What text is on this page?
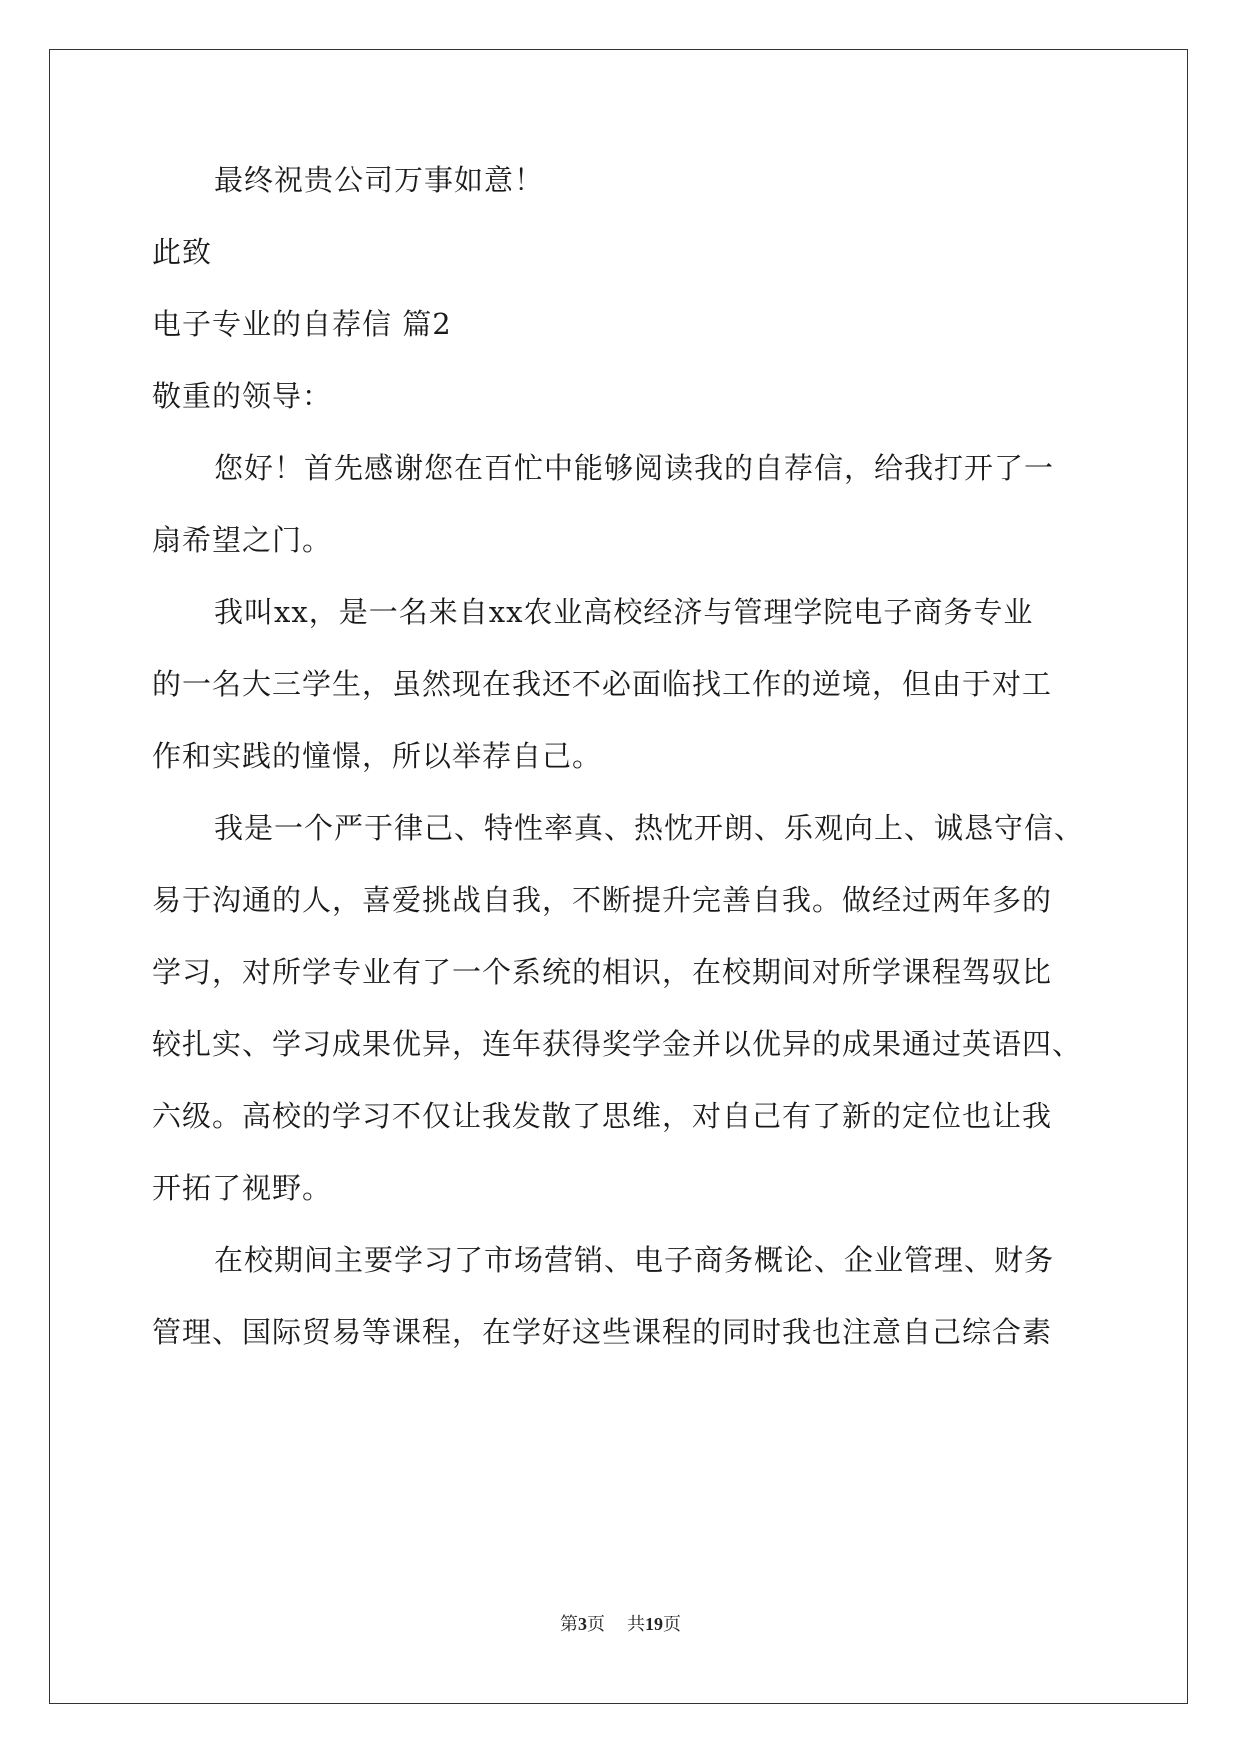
最终祝贵公司万事如意！
此致
电子专业的自荐信 篇2
敬重的领导：
您好！首先感谢您在百忙中能够阅读我的自荐信，给我打开了一
扇希望之门。
我叫xx，是一名来自xx农业高校经济与管理学院电子商务专业
的一名大三学生，虽然现在我还不必面临找工作的逆境，但由于对工
作和实践的憧憬，所以举荐自己。
我是一个严于律己、特性率真、热忱开朗、乐观向上、诚恳守信、
易于沟通的人，喜爱挑战自我，不断提升完善自我。做经过两年多的
学习，对所学专业有了一个系统的相识，在校期间对所学课程驾驭比
较扎实、学习成果优异，连年获得奖学金并以优异的成果通过英语四、
六级。高校的学习不仅让我发散了思维，对自己有了新的定位也让我
开拓了视野。
在校期间主要学习了市场营销、电子商务概论、企业管理、财务
管理、国际贸易等课程，在学好这些课程的同时我也注意自己综合素
第3页 共19页
